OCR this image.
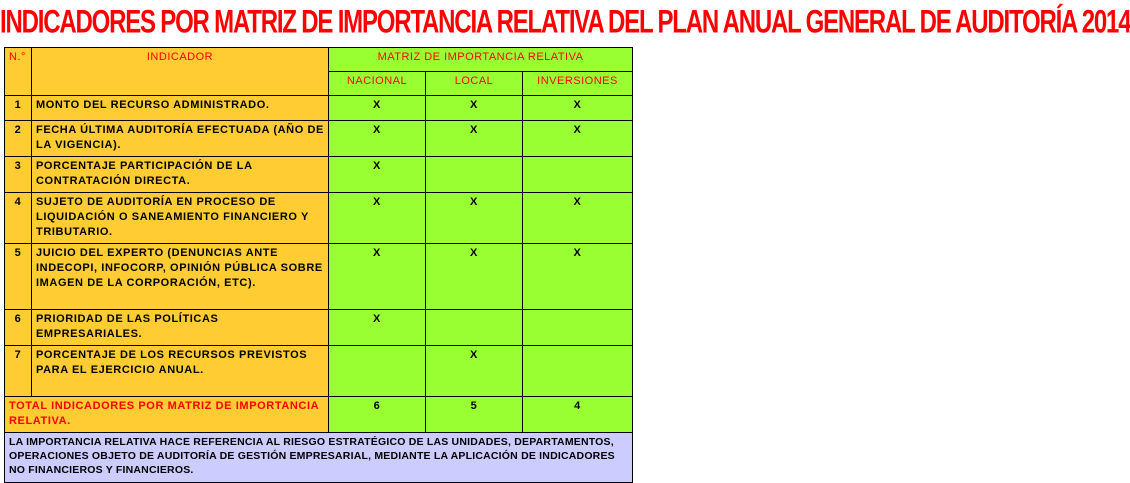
INDICADORES POR MATRIZ DE IMPORTANCIA RELATIVA DEL PLAN ANUAL GENERAL DE AUDITORÍA 2014
N.°	INDICADOR	MATRIZ DE IMPORTANCIA RELATIVA		
		NACIONAL	LOCAL	INVERSIONES
1	MONTO DEL RECURSO ADMINISTRADO.	X	X	X
2	FECHA ÚLTIMA AUDITORÍA EFECTUADA (AÑO DE LA VIGENCIA).	X	X	X
3	PORCENTAJE PARTICIPACIÓN DE LA CONTRATACIÓN DIRECTA.	X		
4	SUJETO DE AUDITORÍA EN PROCESO DE LIQUIDACIÓN O SANEAMIENTO FINANCIERO Y TRIBUTARIO.	X	X	X
5	JUICIO DEL EXPERTO (DENUNCIAS ANTE INDECOPI, INFOCORP, OPINIÓN PÚBLICA SOBRE IMAGEN DE LA CORPORACIÓN, ETC).	X	X	X
6	PRIORIDAD DE LAS POLÍTICAS EMPRESARIALES.	X		
7	PORCENTAJE DE LOS RECURSOS PREVISTOS PARA EL EJERCICIO ANUAL.		X	
TOTAL INDICADORES POR MATRIZ DE IMPORTANCIA RELATIVA.		6	5	4
LA IMPORTANCIA RELATIVA HACE REFERENCIA AL RIESGO ESTRATÉGICO DE LAS UNIDADES, DEPARTAMENTOS, OPERACIONES OBJETO DE AUDITORÍA DE GESTIÓN EMPRESARIAL, MEDIANTE LA APLICACIÓN DE INDICADORES NO FINANCIEROS Y FINANCIEROS.				
